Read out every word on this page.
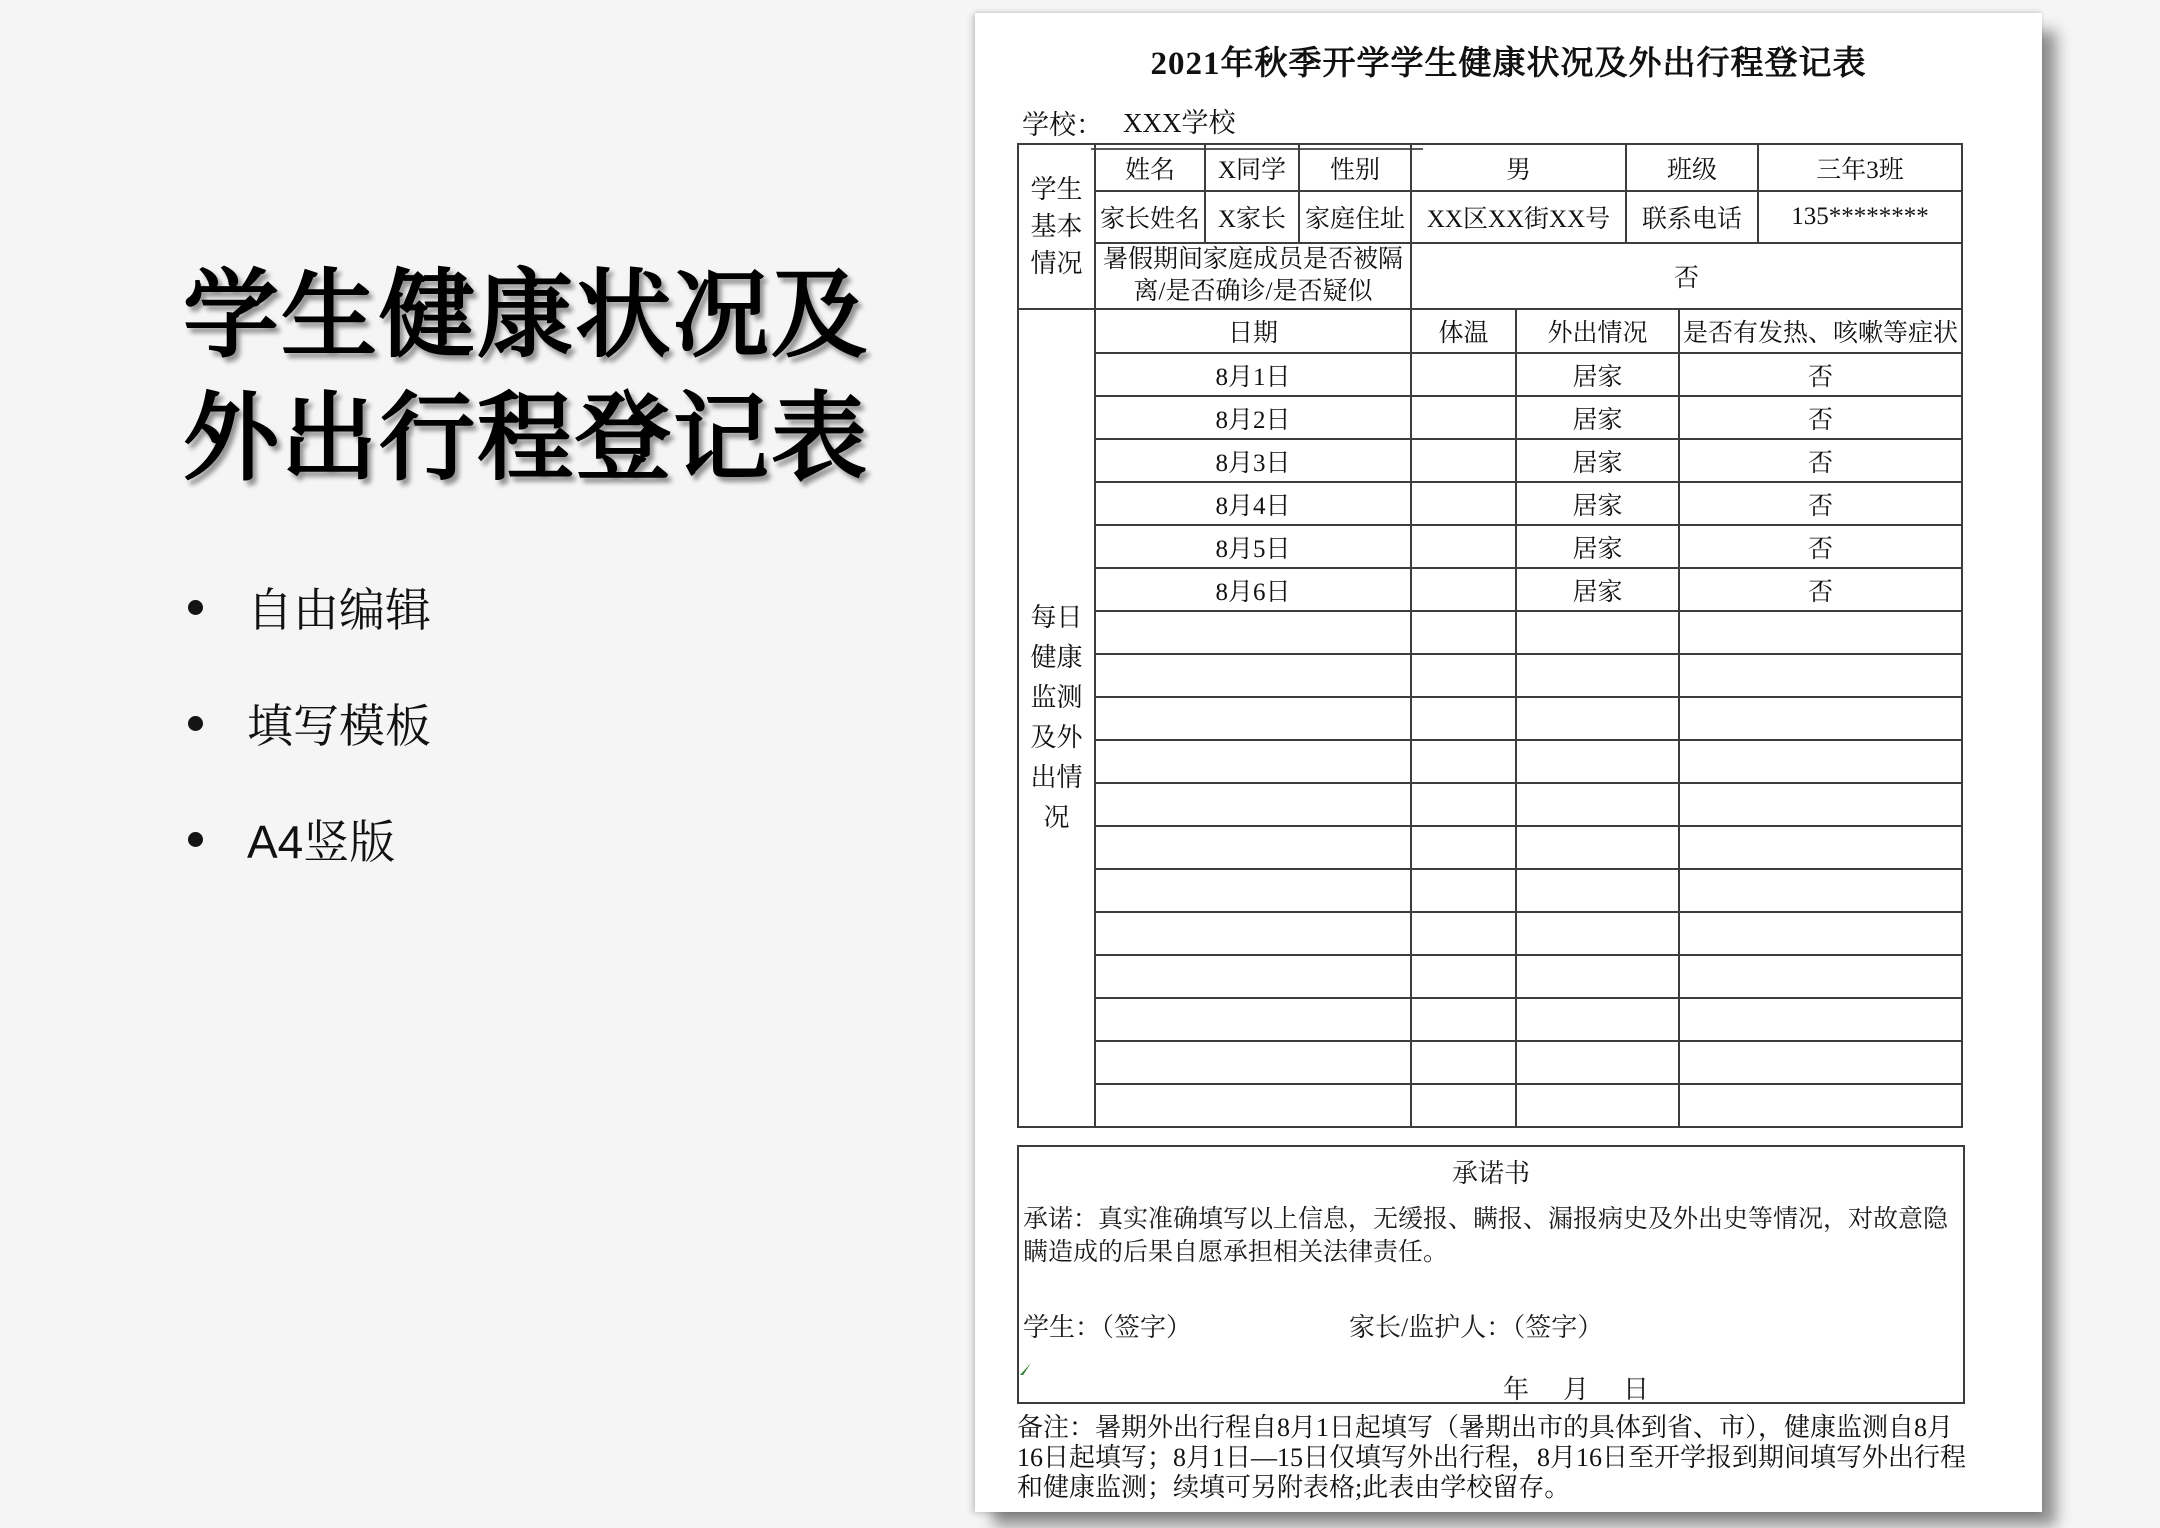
学生健康状况及
外出行程登记表
自由编辑
填写模板
A4竖版
2021年秋季开学学生健康状况及外出行程登记表
学校： XXX学校
学生基本情况	姓名	X同学	性别	男		班级		三年3班
	家长姓名	X家长	家庭住址	XX区XX街XX号		联系电话		135********
	暑假期间家庭成员是否被隔离/是否确诊/是否疑似			否				

每日健康监测及外出情况	日期			体温	外出情况		是否有发热、咳嗽等症状	
	8月1日				居家		否	
	8月2日				居家		否	
	8月3日				居家		否	
	8月4日				居家		否	
	8月5日				居家		否	
	8月6日				居家		否	

承诺书
承诺：真实准确填写以上信息，无缓报、瞒报、漏报病史及外出史等情况，对故意隐瞒造成的后果自愿承担相关法律责任。
学生：（签字）	家长/监护人：（签字）
年　月　日
备注：暑期外出行程自8月1日起填写（暑期出市的具体到省、市），健康监测自8月16日起填写；8月1日—15日仅填写外出行程，8月16日至开学报到期间填写外出行程和健康监测；续填可另附表格;此表由学校留存。
